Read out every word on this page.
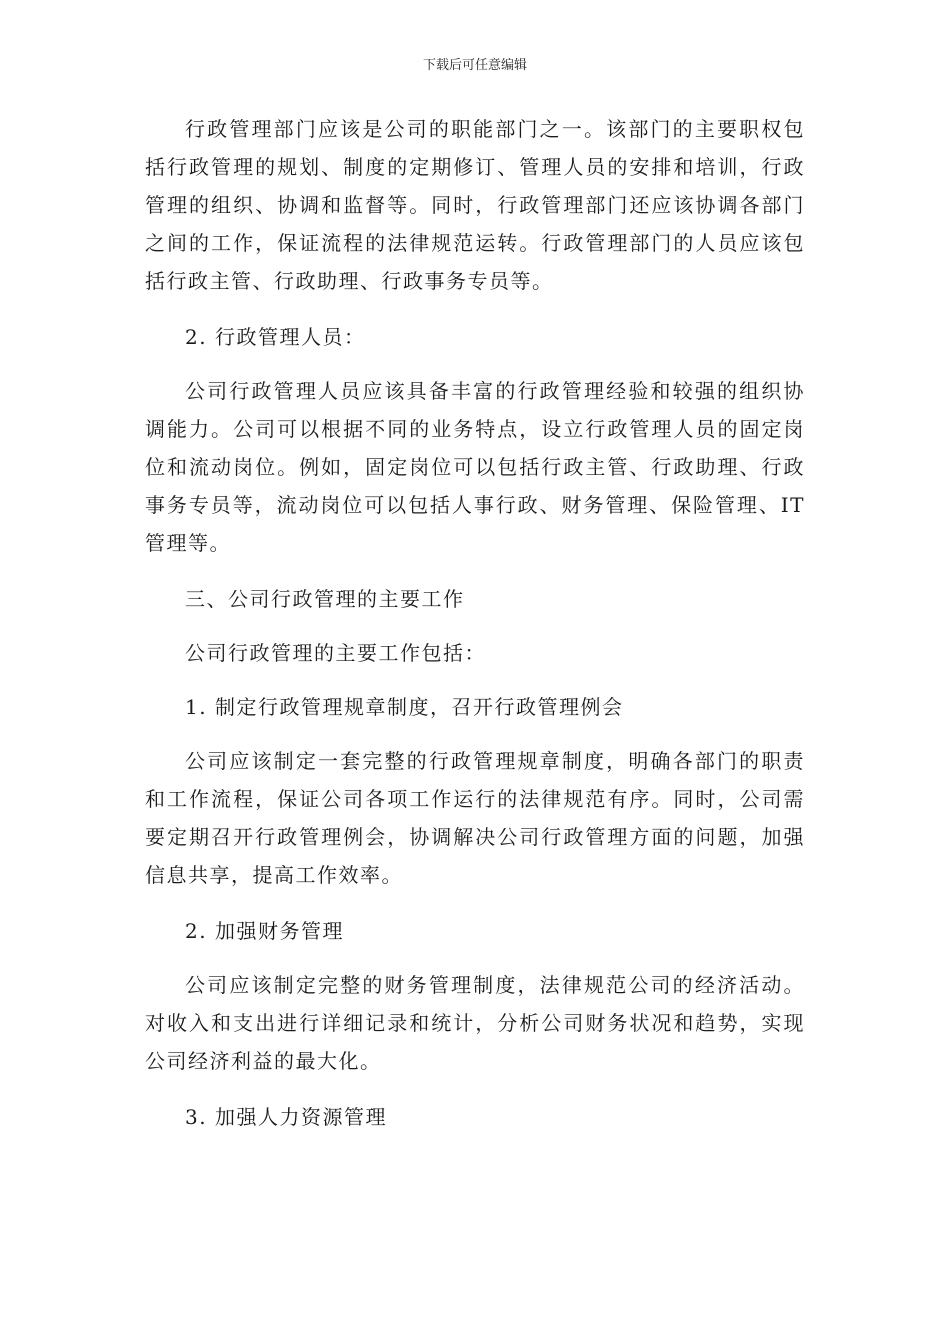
下载后可任意编辑

行政管理部门应该是公司的职能部门之一。该部门的主要职权包括行政管理的规划、制度的定期修订、管理人员的安排和培训，行政管理的组织、协调和监督等。同时，行政管理部门还应该协调各部门之间的工作，保证流程的法律规范运转。行政管理部门的人员应该包括行政主管、行政助理、行政事务专员等。

2. 行政管理人员：

公司行政管理人员应该具备丰富的行政管理经验和较强的组织协调能力。公司可以根据不同的业务特点，设立行政管理人员的固定岗位和流动岗位。例如，固定岗位可以包括行政主管、行政助理、行政事务专员等，流动岗位可以包括人事行政、财务管理、保险管理、IT 管理等。

三、公司行政管理的主要工作

公司行政管理的主要工作包括：

1. 制定行政管理规章制度，召开行政管理例会

公司应该制定一套完整的行政管理规章制度，明确各部门的职责和工作流程，保证公司各项工作运行的法律规范有序。同时，公司需要定期召开行政管理例会，协调解决公司行政管理方面的问题，加强信息共享，提高工作效率。

2. 加强财务管理

公司应该制定完整的财务管理制度，法律规范公司的经济活动。对收入和支出进行详细记录和统计，分析公司财务状况和趋势，实现公司经济利益的最大化。

3. 加强人力资源管理
